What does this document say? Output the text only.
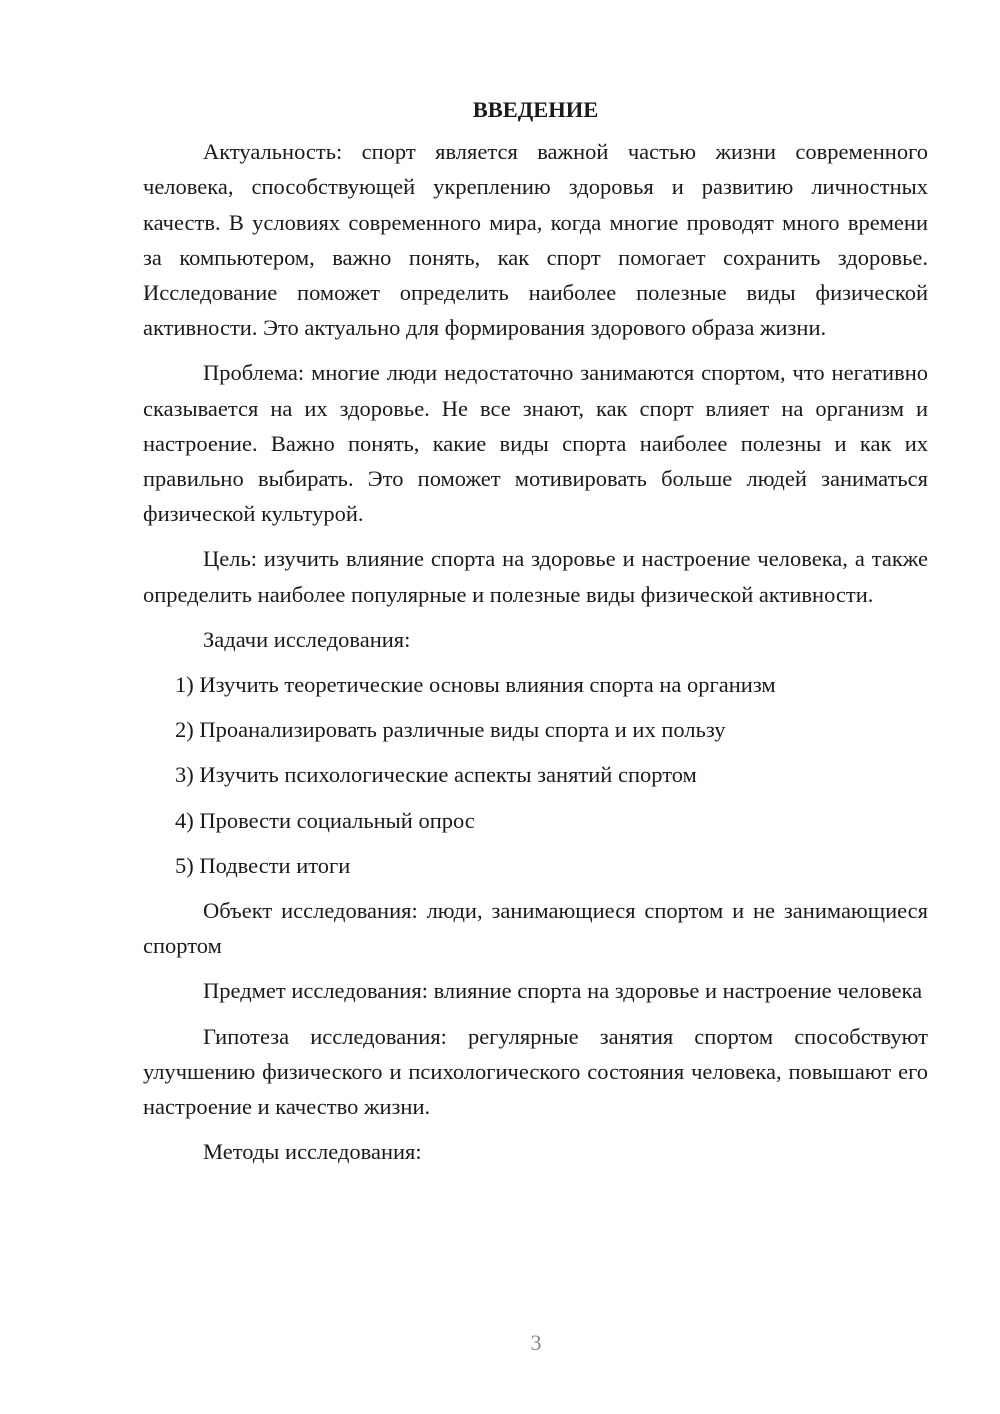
ВВЕДЕНИЕ
Актуальность: спорт является важной частью жизни современного человека, способствующей укреплению здоровья и развитию личностных качеств. В условиях современного мира, когда многие проводят много времени за компьютером, важно понять, как спорт помогает сохранить здоровье. Исследование поможет определить наиболее полезные виды физической активности. Это актуально для формирования здорового образа жизни.
Проблема: многие люди недостаточно занимаются спортом, что негативно сказывается на их здоровье. Не все знают, как спорт влияет на организм и настроение. Важно понять, какие виды спорта наиболее полезны и как их правильно выбирать. Это поможет мотивировать больше людей заниматься физической культурой.
Цель: изучить влияние спорта на здоровье и настроение человека, а также определить наиболее популярные и полезные виды физической активности.
Задачи исследования:
1) Изучить теоретические основы влияния спорта на организм
2) Проанализировать различные виды спорта и их пользу
3) Изучить психологические аспекты занятий спортом
4) Провести социальный опрос
5) Подвести итоги
Объект исследования: люди, занимающиеся спортом и не занимающиеся спортом
Предмет исследования: влияние спорта на здоровье и настроение человека
Гипотеза исследования: регулярные занятия спортом способствуют улучшению физического и психологического состояния человека, повышают его настроение и качество жизни.
Методы исследования:
3
